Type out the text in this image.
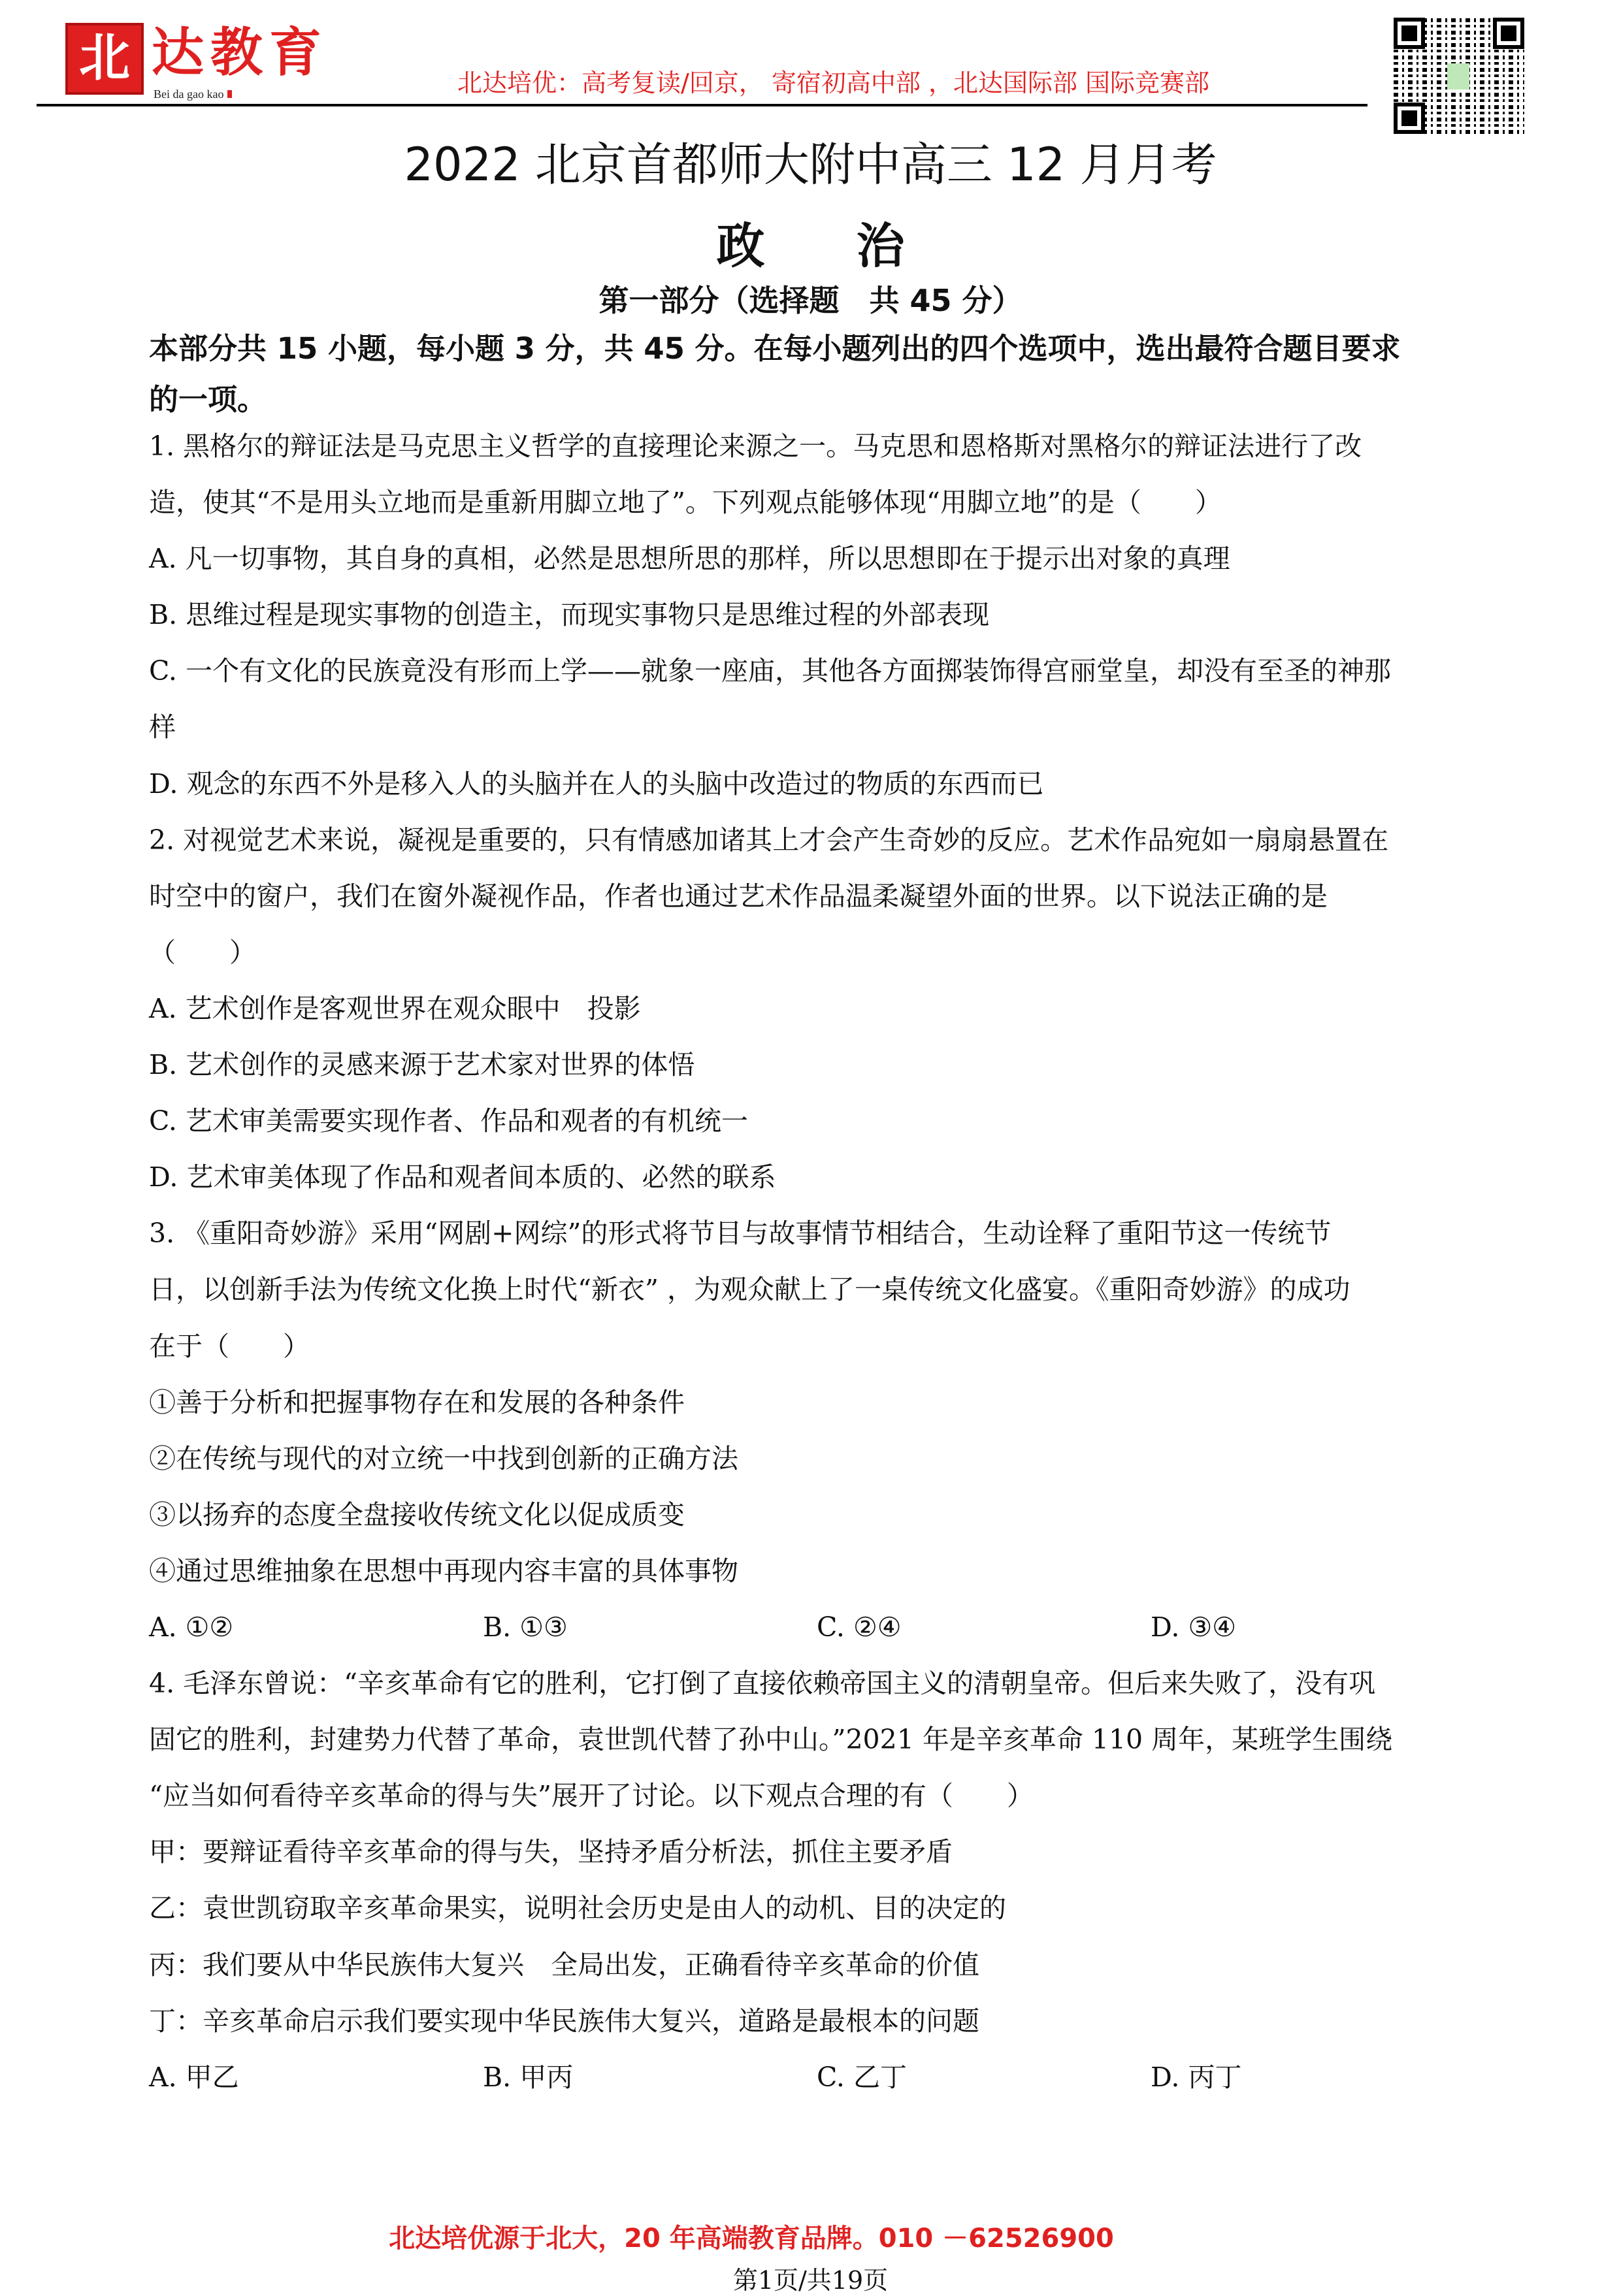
北 达教育
Bei da gao kao	北达培优：高考复读/回京， 寄宿初高中部 ，北达国际部 国际竞赛部
2022 北京首都师大附中高三 12 月月考
政治
第一部分（选择题　共 45 分）
本部分共 15 小题，每小题 3 分，共 45 分。在每小题列出的四个选项中，选出最符合题目要求
的一项。
1. 黑格尔的辩证法是马克思主义哲学的直接理论来源之一。马克思和恩格斯对黑格尔的辩证法进行了改
造，使其“不是用头立地而是重新用脚立地了”。下列观点能够体现“用脚立地”的是（　　）
A. 凡一切事物，其自身的真相，必然是思想所思的那样，所以思想即在于提示出对象的真理
B. 思维过程是现实事物的创造主，而现实事物只是思维过程的外部表现
C. 一个有文化的民族竟没有形而上学——就象一座庙，其他各方面掷装饰得宫丽堂皇，却没有至圣的神那
样
D. 观念的东西不外是移入人的头脑并在人的头脑中改造过的物质的东西而已
2. 对视觉艺术来说，凝视是重要的，只有情感加诸其上才会产生奇妙的反应。艺术作品宛如一扇扇悬置在
时空中的窗户，我们在窗外凝视作品，作者也通过艺术作品温柔凝望外面的世界。以下说法正确的是
（　　）
A. 艺术创作是客观世界在观众眼中　投影
B. 艺术创作的灵感来源于艺术家对世界的体悟
C. 艺术审美需要实现作者、作品和观者的有机统一
D. 艺术审美体现了作品和观者间本质的、必然的联系
3. 《重阳奇妙游》采用“网剧+网综”的形式将节目与故事情节相结合，生动诠释了重阳节这一传统节
日，以创新手法为传统文化换上时代“新衣” ，为观众献上了一桌传统文化盛宴。《重阳奇妙游》的成功
在于（　　）
①善于分析和把握事物存在和发展的各种条件
②在传统与现代的对立统一中找到创新的正确方法
③以扬弃的态度全盘接收传统文化以促成质变
④通过思维抽象在思想中再现内容丰富的具体事物
A. ①②	B. ①③	C. ②④	D. ③④
4. 毛泽东曾说：“辛亥革命有它的胜利，它打倒了直接依赖帝国主义的清朝皇帝。但后来失败了，没有巩
固它的胜利，封建势力代替了革命，袁世凯代替了孙中山。”2021 年是辛亥革命 110 周年，某班学生围绕
“应当如何看待辛亥革命的得与失”展开了讨论。以下观点合理的有（　　）
甲：要辩证看待辛亥革命的得与失，坚持矛盾分析法，抓住主要矛盾
乙：袁世凯窃取辛亥革命果实，说明社会历史是由人的动机、目的决定的
丙：我们要从中华民族伟大复兴　全局出发，正确看待辛亥革命的价值
丁：辛亥革命启示我们要实现中华民族伟大复兴，道路是最根本的问题
A. 甲乙	B. 甲丙	C. 乙丁	D. 丙丁
北达培优源于北大，20 年高端教育品牌。010 －62526900
第1页/共19页
